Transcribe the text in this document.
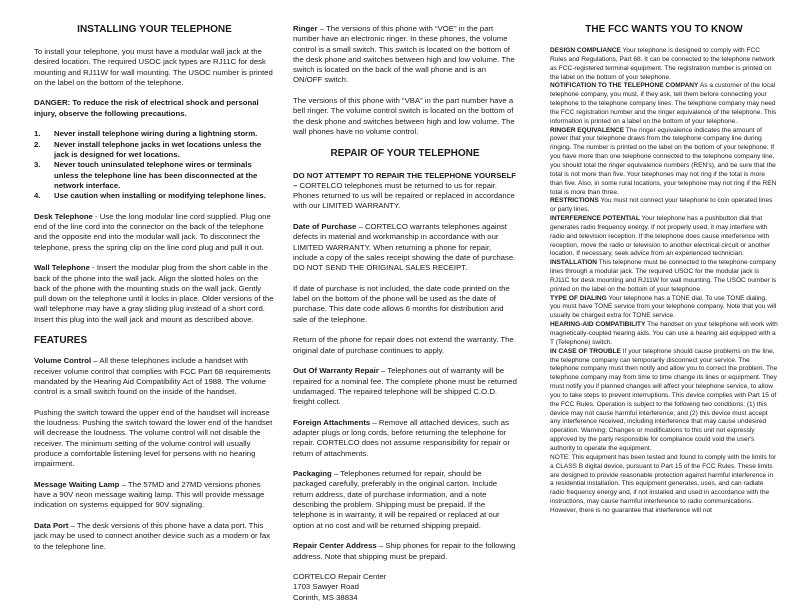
INSTALLING YOUR TELEPHONE

To install your telephone, you must have a modular wall jack at the desired location. The required USOC jack types are RJ11C for desk mounting and RJ11W for wall mounting. The USOC number is printed on the label on the bottom of the telephone.

DANGER: To reduce the risk of electrical shock and personal injury, observe the following precautions.

1.	Never install telephone wiring during a lightning storm.
2.	Never install telephone jacks in wet locations unless the jack is designed for wet locations.
3.	Never touch uninsulated telephone wires or terminals unless the telephone line has been disconnected at the network interface.
4.	Use caution when installing or modifying telephone lines.

Desk Telephone - Use the long modular line cord supplied. Plug one end of the line cord into the connector on the back of the telephone and the opposite end into the modular wall jack. To disconnect the telephone, press the spring clip on the line cord plug and pull it out.

Wall Telephone - Insert the modular plug from the short cable in the back of the phone into the wall jack. Align the slotted holes on the back of the phone with the mounting studs on the wall jack. Gently pull down on the telephone until it locks in place. Older versions of the wall telephone may have a gray sliding plug instead of a short cord. Insert this plug into the wall jack and mount as described above.

FEATURES

Volume Control – All these telephones include a handset with receiver volume control that complies with FCC Part 68 requirements mandated by the Hearing Aid Compatibility Act of 1988. The volume control is a small switch found on the inside of the handset.

Pushing the switch toward the upper end of the handset will increase the loudness. Pushing the switch toward the lower end of the handset will decrease the loudness. The volume control will not disable the receiver. The minimum setting of the volume control will usually produce a comfortable listening level for persons with no hearing impairment.

Message Waiting Lamp – The 57MD and 27MD versions phones have a 90V neon message waiting lamp. This will provide message indication on systems equipped for 90V signaling.

Data Port – The desk versions of this phone have a data port. This jack may be used to connect another device such as a modem or fax to the telephone line.

Ringer – The versions of this phone with “VOE” in the part number have an electronic ringer. In these phones, the volume control is a small switch. This switch is located on the bottom of the desk phone and switches between high and low volume. The switch is located on the back of the wall phone and is an ON/OFF switch.

The versions of this phone with “VBA” in the part number have a bell ringer. The volume control switch is located on the bottom of the desk phone and switches between high and low volume. The wall phones have no volume control.

REPAIR OF YOUR TELEPHONE

DO NOT ATTEMPT TO REPAIR THE TELEPHONE YOURSELF – CORTELCO telephones must be returned to us for repair. Phones returned to us will be repaired or replaced in accordance with our LIMITED WARRANTY.

Date of Purchase – CORTELCO warrants telephones against defects in material and workmanship in accordance with our LIMITED WARRANTY. When returning a phone for repair, include a copy of the sales receipt showing the date of purchase. DO NOT SEND THE ORIGINAL SALES RECEIPT.

If date of purchase is not included, the date code printed on the label on the bottom of the phone will be used as the date of purchase. This date code allows 6 months for distribution and sale of the telephone.

Return of the phone for repair does not extend the warranty. The original date of purchase continues to apply.

Out Of Warranty Repair – Telephones out of warranty will be repaired for a nominal fee. The complete phone must be returned undamaged. The repaired telephone will be shipped C.O.D. freight collect.

Foreign Attachments – Remove all attached devices, such as adapter plugs or long cords, before returning the telephone for repair. CORTELCO does not assume responsibility for repair or return of attachments.

Packaging – Telephones returned for repair, should be packaged carefully, preferably in the original carton. Include return address, date of purchase information, and a note describing the problem. Shipping must be prepaid. If the telephone is in warranty, it will be repaired or replaced at our option at no cost and will be returned shipping prepaid.

Repair Center Address – Ship phones for repair to the following address. Note that shipping must be prepaid.

CORTELCO Repair Center

1703 Sawyer Road

Corinth, MS 38834

THE FCC WANTS YOU TO KNOW

DESIGN COMPLIANCE Your telephone is designed to comply with FCC Rules and Regulations, Part 68. It can be connected to the telephone network as FCC-registered terminal equipment. The registration number is printed on the label on the bottom of your telephone.

NOTIFICATION TO THE TELEPHONE COMPANY As a customer of the local telephone company, you must, if they ask, tell them before connecting your telephone to the telephone company lines. The telephone company may need the FCC registration number and the ringer equivalence of the telephone. This information is printed on a label on the bottom of your telephone.

RINGER EQUIVALENCE The ringer equivalence indicates the amount of power that your telephone draws from the telephone company line during ringing. The number is printed on the label on the bottom of your telephone. If you have more than one telephone connected to the telephone company line, you should total the ringer equivalence numbers (REN's), and be sure that the total is not more than five. Your telephones may not ring if the total is more than five. Also, in some rural locations, your telephone may not ring if the REN total is more than three.

RESTRICTIONS You must not connect your telephone to coin operated lines or party lines.

INTERFERENCE POTENTIAL Your telephone has a pushbutton dial that generates radio frequency energy. If not properly used, it may interfere with radio and television reception. If the telephone does cause interference with reception, move the radio or television to another electrical circuit or another location. If necessary, seek advice from an experienced technician.

INSTALLATION This telephone must be connected to the telephone company lines through a modular jack. The required USOC for the modular jack is RJ11C for desk mounting and RJ11W for wall mounting. The USOC number is printed on the label on the bottom of your telephone.

TYPE OF DIALING Your telephone has a TONE dial. To use TONE dialing, you must have TONE service from your telephone company. Note that you will usually be charged extra for TONE service.

HEARING-AID COMPATIBILITY The handset on your telephone will work with magnetically-coupled hearing aids. You can use a hearing aid equipped with a T (Telephone) switch.

IN CASE OF TROUBLE If your telephone should cause problems on the line, the telephone company can temporarily disconnect your service. The telephone company must then notify and allow you to correct the problem. The telephone company may from time to time change its lines or equipment. They must notify you if planned changes will affect your telephone service, to allow you to take steps to prevent interruptions. This device complies with Part 15 of the FCC Rules. Operation is subject to the following two conditions: (1) this device may not cause harmful interference, and (2) this device must accept any interference received, including interference that may cause undesired operation. Warning: Changes or modifications to this unit not expressly approved by the party responsible for compliance could void the user's authority to operate the equipment.

NOTE: This equipment has been tested and found to comply with the limits for a CLASS B digital device, pursuant to Part 15 of the FCC Rules. These limits are designed to provide reasonable protection against harmful interference in a residential installation. This equipment generates, uses, and can radiate radio frequency energy and, if not installed and used in accordance with the instructions, may cause harmful interference to radio communications. However, there is no guarantee that interference will not
